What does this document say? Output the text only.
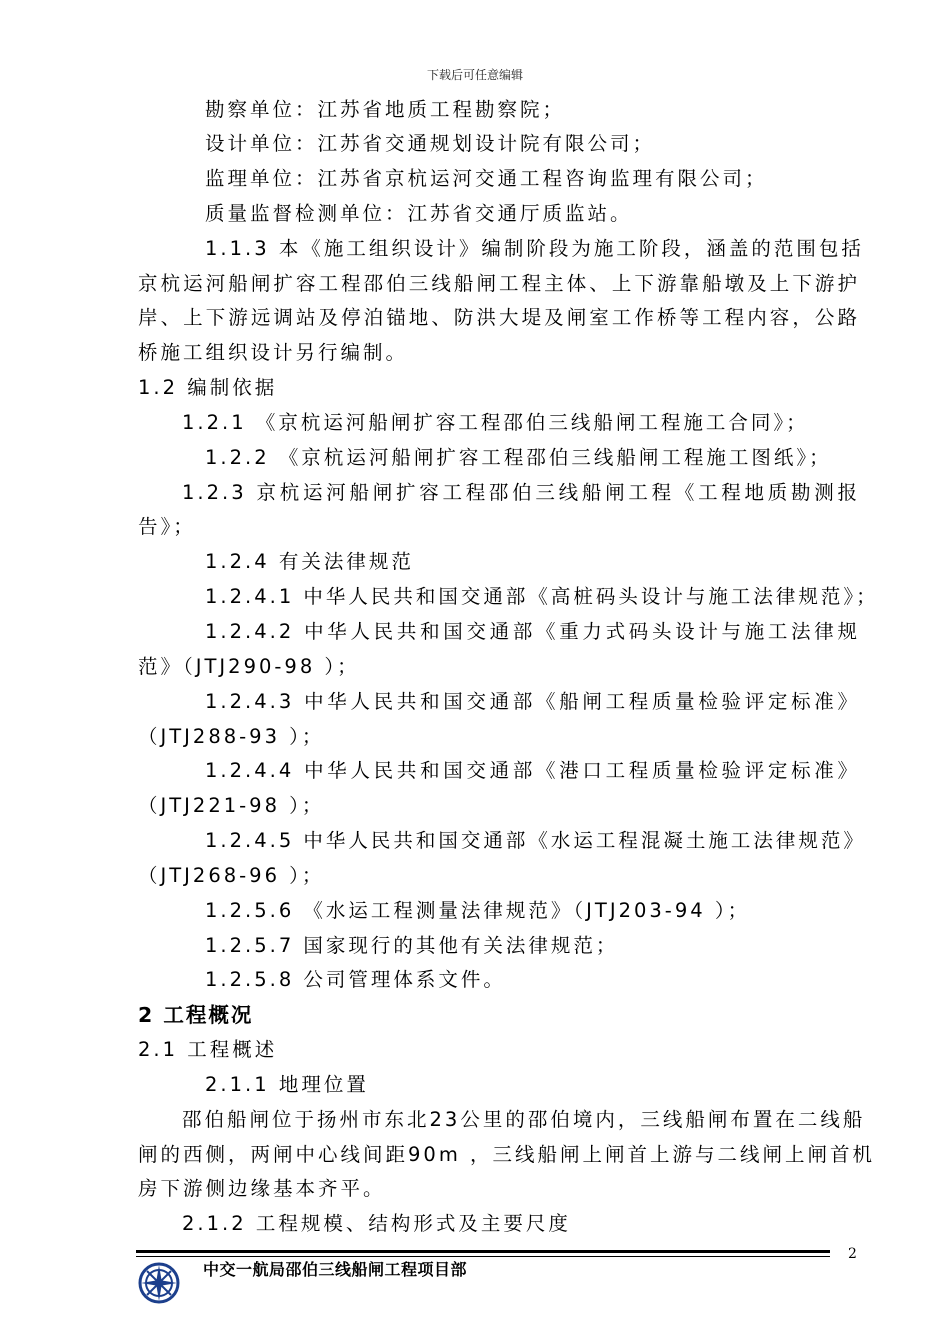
下载后可任意编辑
勘察单位：江苏省地质工程勘察院；
设计单位：江苏省交通规划设计院有限公司；
监理单位：江苏省京杭运河交通工程咨询监理有限公司；
质量监督检测单位：江苏省交通厅质监站。
1.1.3 本《施工组织设计》编制阶段为施工阶段，涵盖的范围包括
京杭运河船闸扩容工程邵伯三线船闸工程主体、上下游靠船墩及上下游护
岸、上下游远调站及停泊锚地、防洪大堤及闸室工作桥等工程内容，公路
桥施工组织设计另行编制。
1.2 编制依据
1.2.1 《京杭运河船闸扩容工程邵伯三线船闸工程施工合同》；
1.2.2 《京杭运河船闸扩容工程邵伯三线船闸工程施工图纸》；
1.2.3 京杭运河船闸扩容工程邵伯三线船闸工程《工程地质勘测报
告》；
1.2.4 有关法律规范
1.2.4.1 中华人民共和国交通部《高桩码头设计与施工法律规范》；
1.2.4.2 中华人民共和国交通部《重力式码头设计与施工法律规
范》（JTJ290-98 ）；
1.2.4.3 中华人民共和国交通部《船闸工程质量检验评定标准》
（JTJ288-93 ）；
1.2.4.4 中华人民共和国交通部《港口工程质量检验评定标准》
（JTJ221-98 ）；
1.2.4.5 中华人民共和国交通部《水运工程混凝土施工法律规范》
（JTJ268-96 ）；
1.2.5.6 《水运工程测量法律规范》（JTJ203-94 ）；
1.2.5.7 国家现行的其他有关法律规范；
1.2.5.8 公司管理体系文件。
2 工程概况
2.1 工程概述
2.1.1 地理位置
邵伯船闸位于扬州市东北23公里的邵伯境内，三线船闸布置在二线船
闸的西侧，两闸中心线间距90m ，三线船闸上闸首上游与二线闸上闸首机
房下游侧边缘基本齐平。
2.1.2 工程规模、结构形式及主要尺度
中交一航局邵伯三线船闸工程项目部
2
